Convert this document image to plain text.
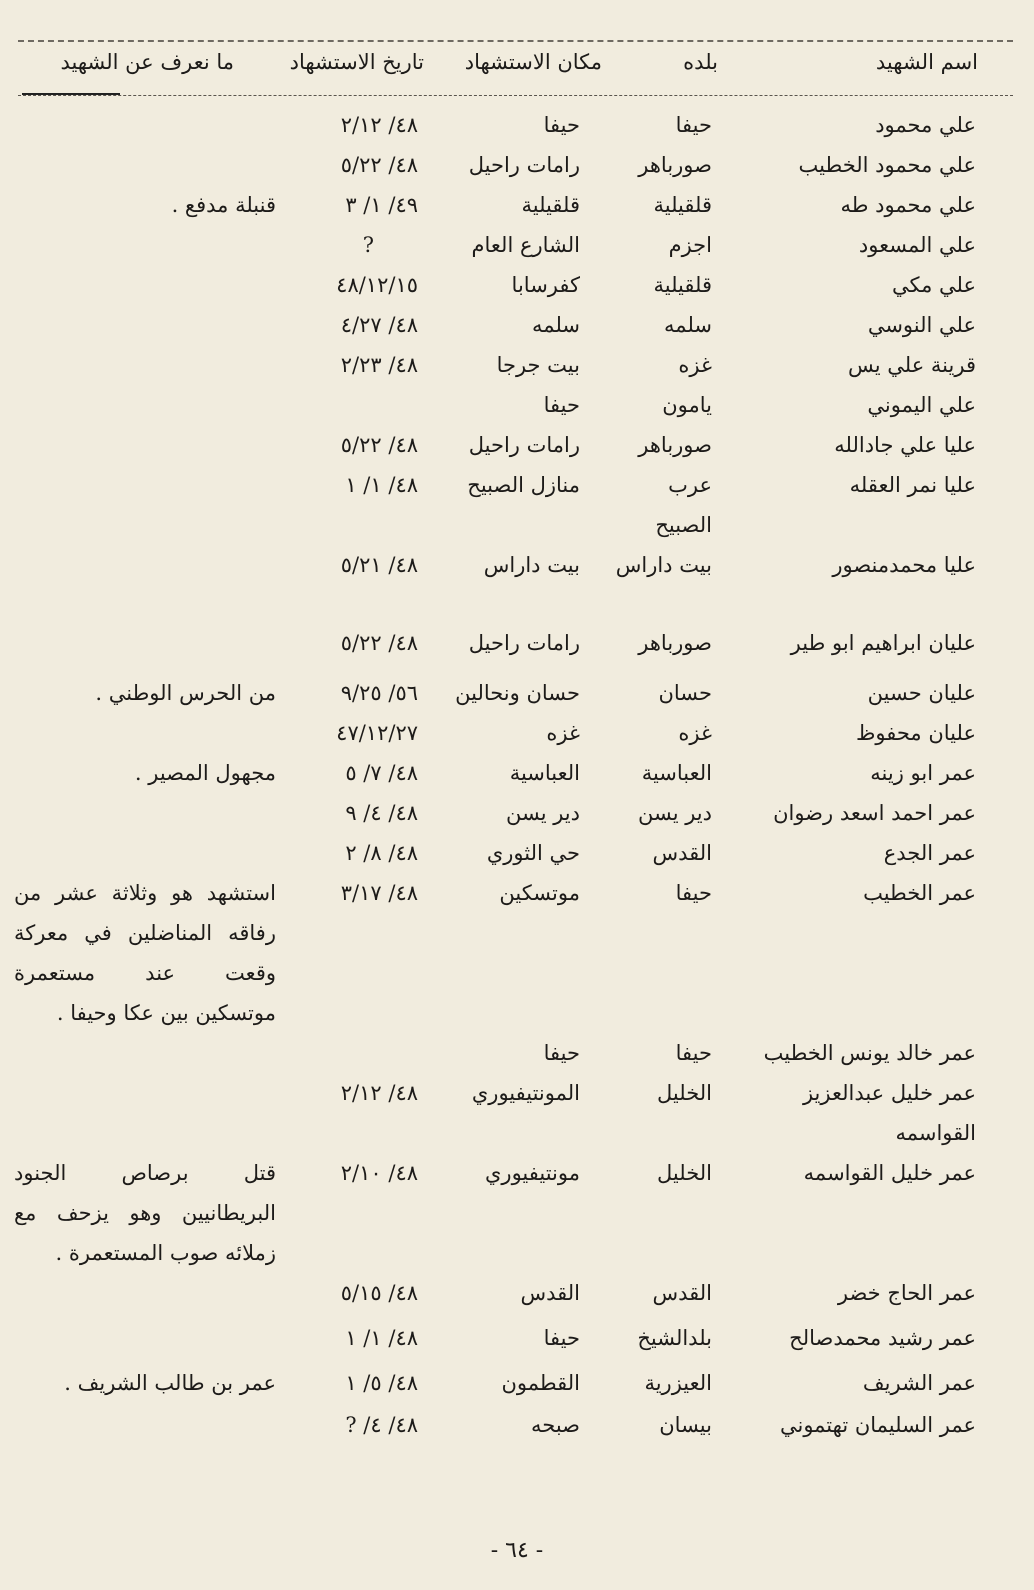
اسم الشهيد
بلده
مكان الاستشهاد
تاريخ الاستشهاد
ما نعرف عن الشهيد
علي محمود
حيفا
حيفا
٤٨/ ٢/١٢
علي محمود الخطيب
صورباهر
رامات راحيل
٤٨/ ٥/٢٢
علي محمود طه
قلقيلية
قلقيلية
٤٩/ ١/ ٣
قنبلة مدفع .
علي المسعود
اجزم
الشارع العام
?
علي مكي
قلقيلية
كفرسابا
٤٨/١٢/١٥
علي النوسي
سلمه
سلمه
٤٨/ ٤/٢٧
قرينة علي يس
غزه
بيت جرجا
٤٨/ ٢/٢٣
علي اليموني
يامون
حيفا
عليا علي جادالله
صورباهر
رامات راحيل
٤٨/ ٥/٢٢
عليا نمر العقله
عرب الصبيح
منازل الصبيح
٤٨/ ١/ ١
عليا محمدمنصور
بيت داراس
بيت داراس
٤٨/ ٥/٢١
عليان ابراهيم ابو طير
صورباهر
رامات راحيل
٤٨/ ٥/٢٢
عليان حسين
حسان
حسان ونحالين
٥٦/ ٩/٢٥
من الحرس الوطني .
عليان محفوظ
غزه
غزه
٤٧/١٢/٢٧
عمر ابو زينه
العباسية
العباسية
٤٨/ ٧/ ٥
مجهول المصير .
عمر احمد اسعد رضوان
دير يسن
دير يسن
٤٨/ ٤/ ٩
عمر الجدع
القدس
حي الثوري
٤٨/ ٨/ ٢
عمر الخطيب
حيفا
موتسكين
٤٨/ ٣/١٧
استشهد هو وثلاثة عشر من رفاقه المناضلين في معركة وقعت عند مستعمرة موتسكين بين عكا وحيفا .
عمر خالد يونس الخطيب
حيفا
حيفا
عمر خليل عبدالعزيز القواسمه
الخليل
المونتيفيوري
٤٨/ ٢/١٢
عمر خليل القواسمه
الخليل
مونتيفيوري
٤٨/ ٢/١٠
قتل برصاص الجنود البريطانيين وهو يزحف مع زملائه صوب المستعمرة .
عمر الحاج خضر
القدس
القدس
٤٨/ ٥/١٥
عمر رشيد محمدصالح
بلدالشيخ
حيفا
٤٨/ ١/ ١
عمر الشريف
العيزرية
القطمون
٤٨/ ٥/ ١
عمر بن طالب الشريف .
عمر السليمان تهتموني
بيسان
صبحه
٤٨/ ٤/ ?
- ٦٤ -
